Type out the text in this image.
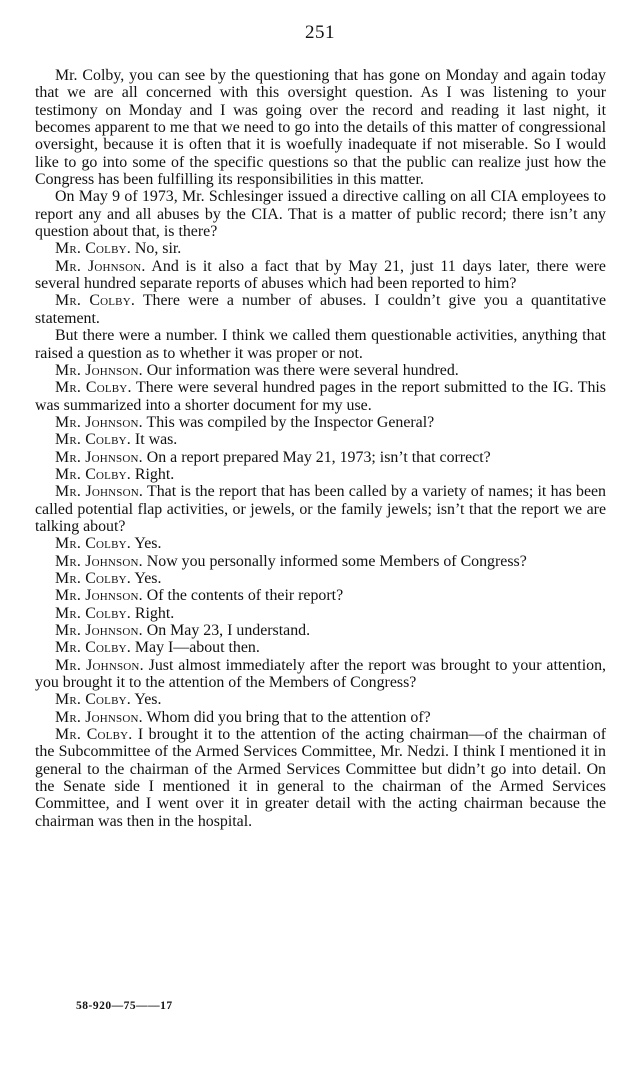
251

Mr. Colby, you can see by the questioning that has gone on Monday and again today that we are all concerned with this oversight question. As I was listening to your testimony on Monday and I was going over the record and reading it last night, it becomes apparent to me that we need to go into the details of this matter of congressional oversight, because it is often that it is woefully inadequate if not miserable. So I would like to go into some of the specific questions so that the public can realize just how the Congress has been fulfilling its responsibilities in this matter.

On May 9 of 1973, Mr. Schlesinger issued a directive calling on all CIA employees to report any and all abuses by the CIA. That is a matter of public record; there isn’t any question about that, is there?

Mr. Colby. No, sir.

Mr. Johnson. And is it also a fact that by May 21, just 11 days later, there were several hundred separate reports of abuses which had been reported to him?

Mr. Colby. There were a number of abuses. I couldn’t give you a quantitative statement.

But there were a number. I think we called them questionable activities, anything that raised a question as to whether it was proper or not.

Mr. Johnson. Our information was there were several hundred.

Mr. Colby. There were several hundred pages in the report submitted to the IG. This was summarized into a shorter document for my use.

Mr. Johnson. This was compiled by the Inspector General?

Mr. Colby. It was.

Mr. Johnson. On a report prepared May 21, 1973; isn’t that correct?

Mr. Colby. Right.

Mr. Johnson. That is the report that has been called by a variety of names; it has been called potential flap activities, or jewels, or the family jewels; isn’t that the report we are talking about?

Mr. Colby. Yes.

Mr. Johnson. Now you personally informed some Members of Congress?

Mr. Colby. Yes.

Mr. Johnson. Of the contents of their report?

Mr. Colby. Right.

Mr. Johnson. On May 23, I understand.

Mr. Colby. May I—about then.

Mr. Johnson. Just almost immediately after the report was brought to your attention, you brought it to the attention of the Members of Congress?

Mr. Colby. Yes.

Mr. Johnson. Whom did you bring that to the attention of?

Mr. Colby. I brought it to the attention of the acting chairman—of the chairman of the Subcommittee of the Armed Services Committee, Mr. Nedzi. I think I mentioned it in general to the chairman of the Armed Services Committee but didn’t go into detail. On the Senate side I mentioned it in general to the chairman of the Armed Services Committee, and I went over it in greater detail with the acting chairman because the chairman was then in the hospital.

58-920—75——17
